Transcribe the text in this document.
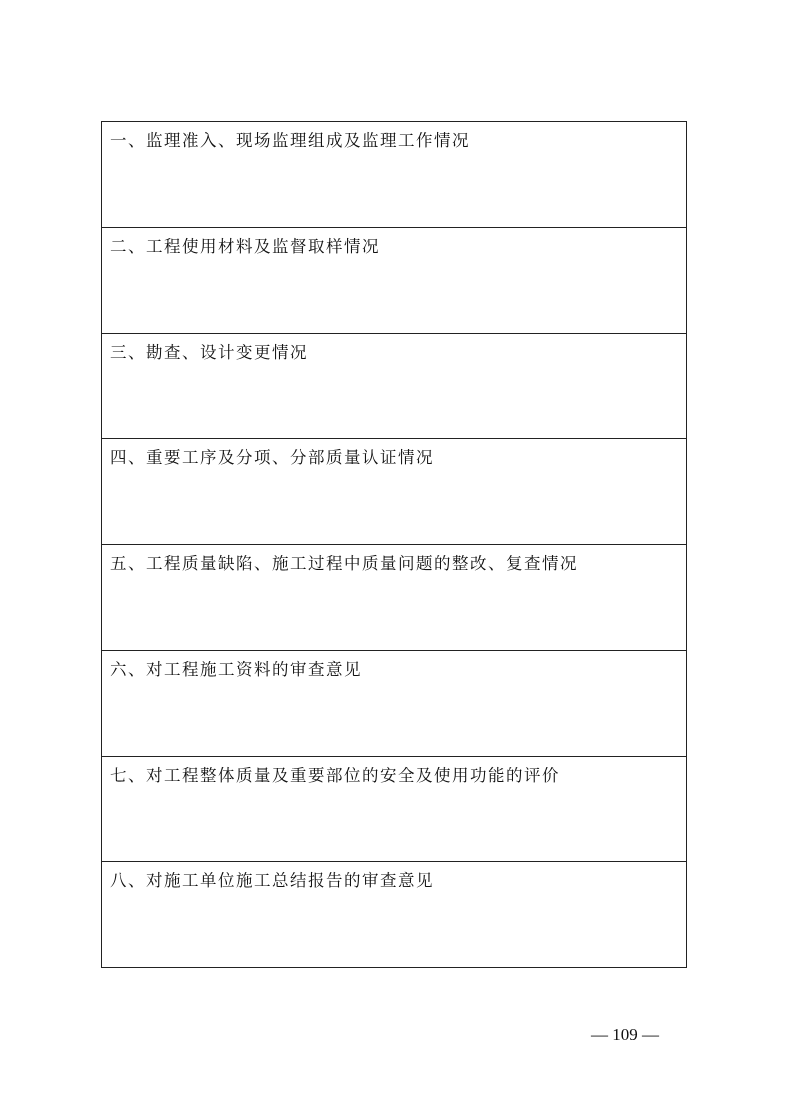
一、监理准入、现场监理组成及监理工作情况
二、工程使用材料及监督取样情况
三、勘查、设计变更情况
四、重要工序及分项、分部质量认证情况
五、工程质量缺陷、施工过程中质量问题的整改、复查情况
六、对工程施工资料的审查意见
七、对工程整体质量及重要部位的安全及使用功能的评价
八、对施工单位施工总结报告的审查意见
— 109 —
